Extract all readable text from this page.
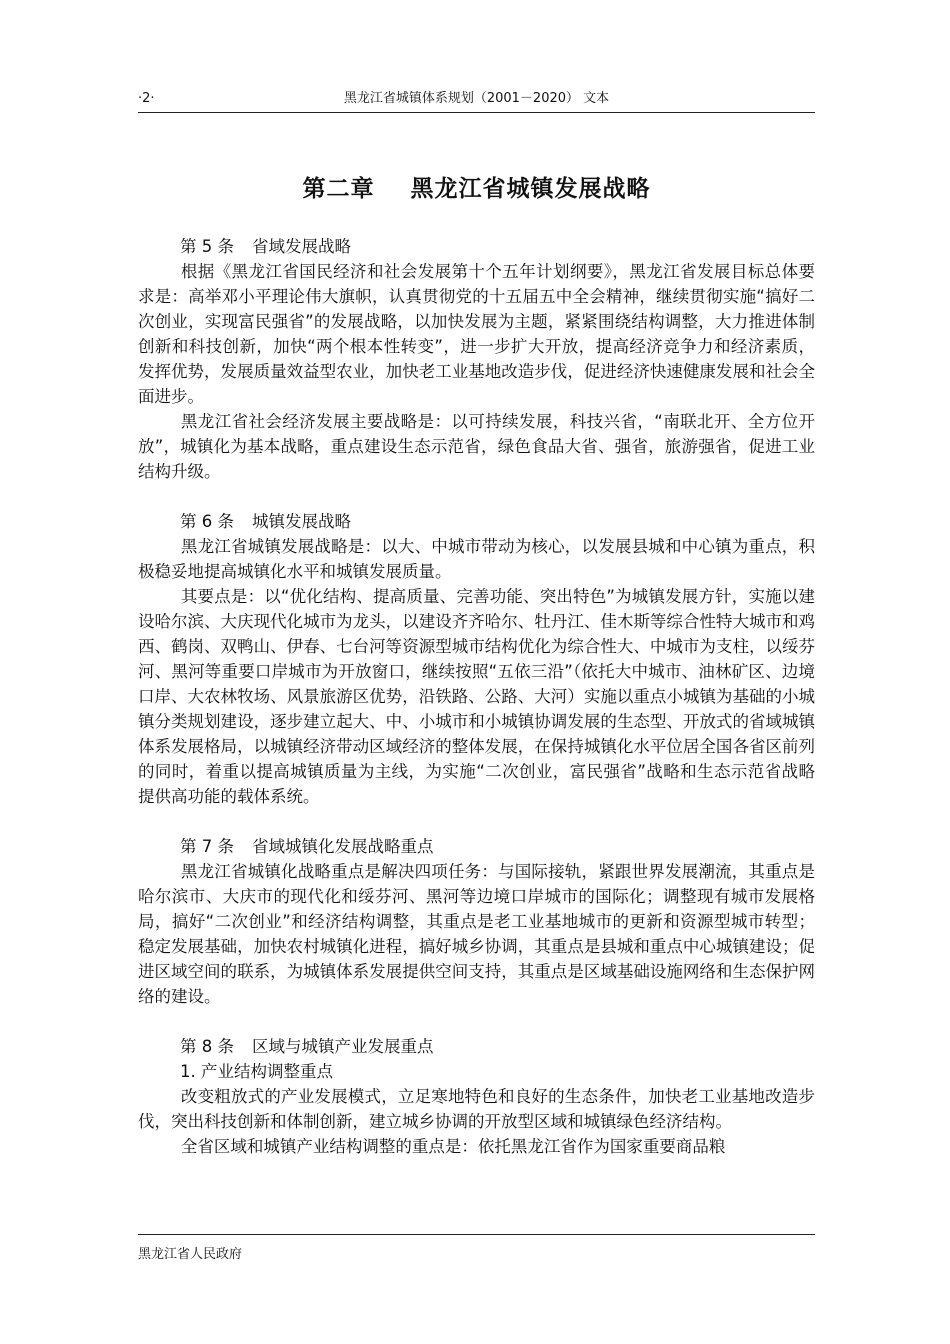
·2·	黑龙江省城镇体系规划（2001－2020） 文本
第二章    黑龙江省城镇发展战略

第 5 条 省域发展战略

根据《黑龙江省国民经济和社会发展第十个五年计划纲要》，黑龙江省发展目标总体要求是：高举邓小平理论伟大旗帜，认真贯彻党的十五届五中全会精神，继续贯彻实施“搞好二次创业，实现富民强省”的发展战略，以加快发展为主题，紧紧围绕结构调整，大力推进体制创新和科技创新，加快“两个根本性转变”，进一步扩大开放，提高经济竞争力和经济素质，发挥优势，发展质量效益型农业，加快老工业基地改造步伐，促进经济快速健康发展和社会全面进步。

黑龙江省社会经济发展主要战略是：以可持续发展，科技兴省，“南联北开、全方位开放”，城镇化为基本战略，重点建设生态示范省，绿色食品大省、强省，旅游强省，促进工业结构升级。

第 6 条 城镇发展战略

黑龙江省城镇发展战略是：以大、中城市带动为核心，以发展县城和中心镇为重点，积极稳妥地提高城镇化水平和城镇发展质量。

其要点是：以“优化结构、提高质量、完善功能、突出特色”为城镇发展方针，实施以建设哈尔滨、大庆现代化城市为龙头，以建设齐齐哈尔、牡丹江、佳木斯等综合性特大城市和鸡西、鹤岗、双鸭山、伊春、七台河等资源型城市结构优化为综合性大、中城市为支柱，以绥芬河、黑河等重要口岸城市为开放窗口，继续按照“五依三沿”（依托大中城市、油林矿区、边境口岸、大农林牧场、风景旅游区优势，沿铁路、公路、大河）实施以重点小城镇为基础的小城镇分类规划建设，逐步建立起大、中、小城市和小城镇协调发展的生态型、开放式的省域城镇体系发展格局，以城镇经济带动区域经济的整体发展，在保持城镇化水平位居全国各省区前列的同时，着重以提高城镇质量为主线，为实施“二次创业，富民强省”战略和生态示范省战略提供高功能的载体系统。

第 7 条 省域城镇化发展战略重点

黑龙江省城镇化战略重点是解决四项任务：与国际接轨，紧跟世界发展潮流，其重点是哈尔滨市、大庆市的现代化和绥芬河、黑河等边境口岸城市的国际化；调整现有城市发展格局，搞好“二次创业”和经济结构调整，其重点是老工业基地城市的更新和资源型城市转型；稳定发展基础，加快农村城镇化进程，搞好城乡协调，其重点是县城和重点中心城镇建设；促进区域空间的联系，为城镇体系发展提供空间支持，其重点是区域基础设施网络和生态保护网络的建设。

第 8 条 区域与城镇产业发展重点

1. 产业结构调整重点

改变粗放式的产业发展模式，立足寒地特色和良好的生态条件，加快老工业基地改造步伐，突出科技创新和体制创新，建立城乡协调的开放型区域和城镇绿色经济结构。

全省区域和城镇产业结构调整的重点是：依托黑龙江省作为国家重要商品粮

黑龙江省人民政府
